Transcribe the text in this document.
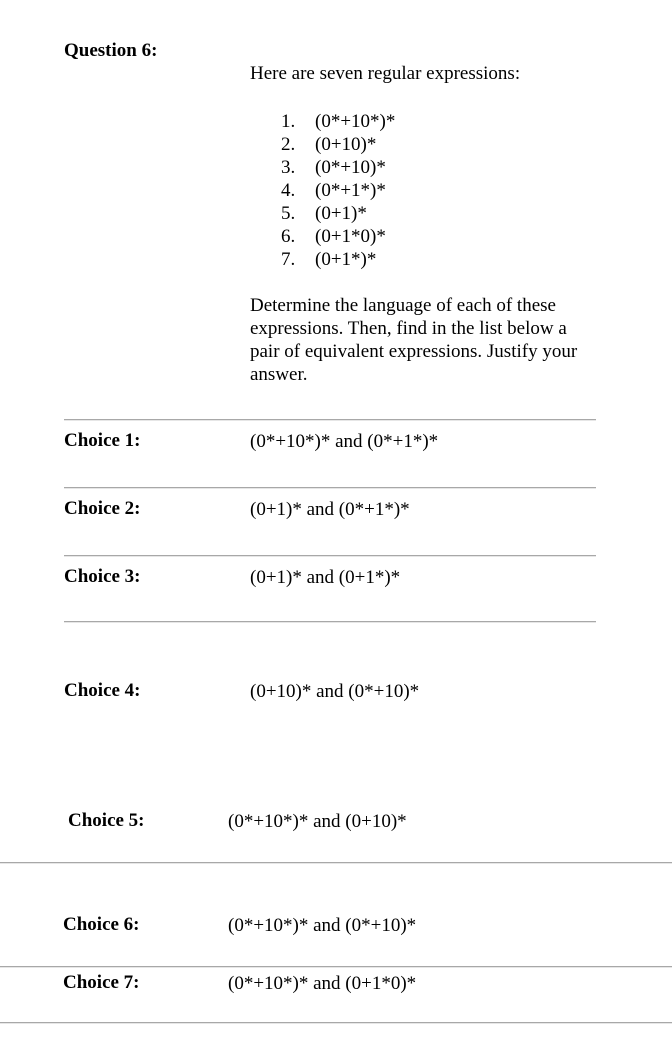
Question 6:
Here are seven regular expressions:
1.	(0*+10*)*
2.	(0+10)*
3.	(0*+10)*
4.	(0*+1*)*
5.	(0+1)*
6.	(0+1*0)*
7.	(0+1*)*
Determine the language of each of these expressions. Then, find in the list below a pair of equivalent expressions. Justify your answer.
Choice 1:	(0*+10*)* and (0*+1*)*
Choice 2:	(0+1)* and (0*+1*)*
Choice 3:	(0+1)* and (0+1*)*
Choice 4:	(0+10)* and (0*+10)*
Choice 5:	(0*+10*)* and (0+10)*
Choice 6:	(0*+10*)* and (0*+10)*
Choice 7:	(0*+10*)* and (0+1*0)*
